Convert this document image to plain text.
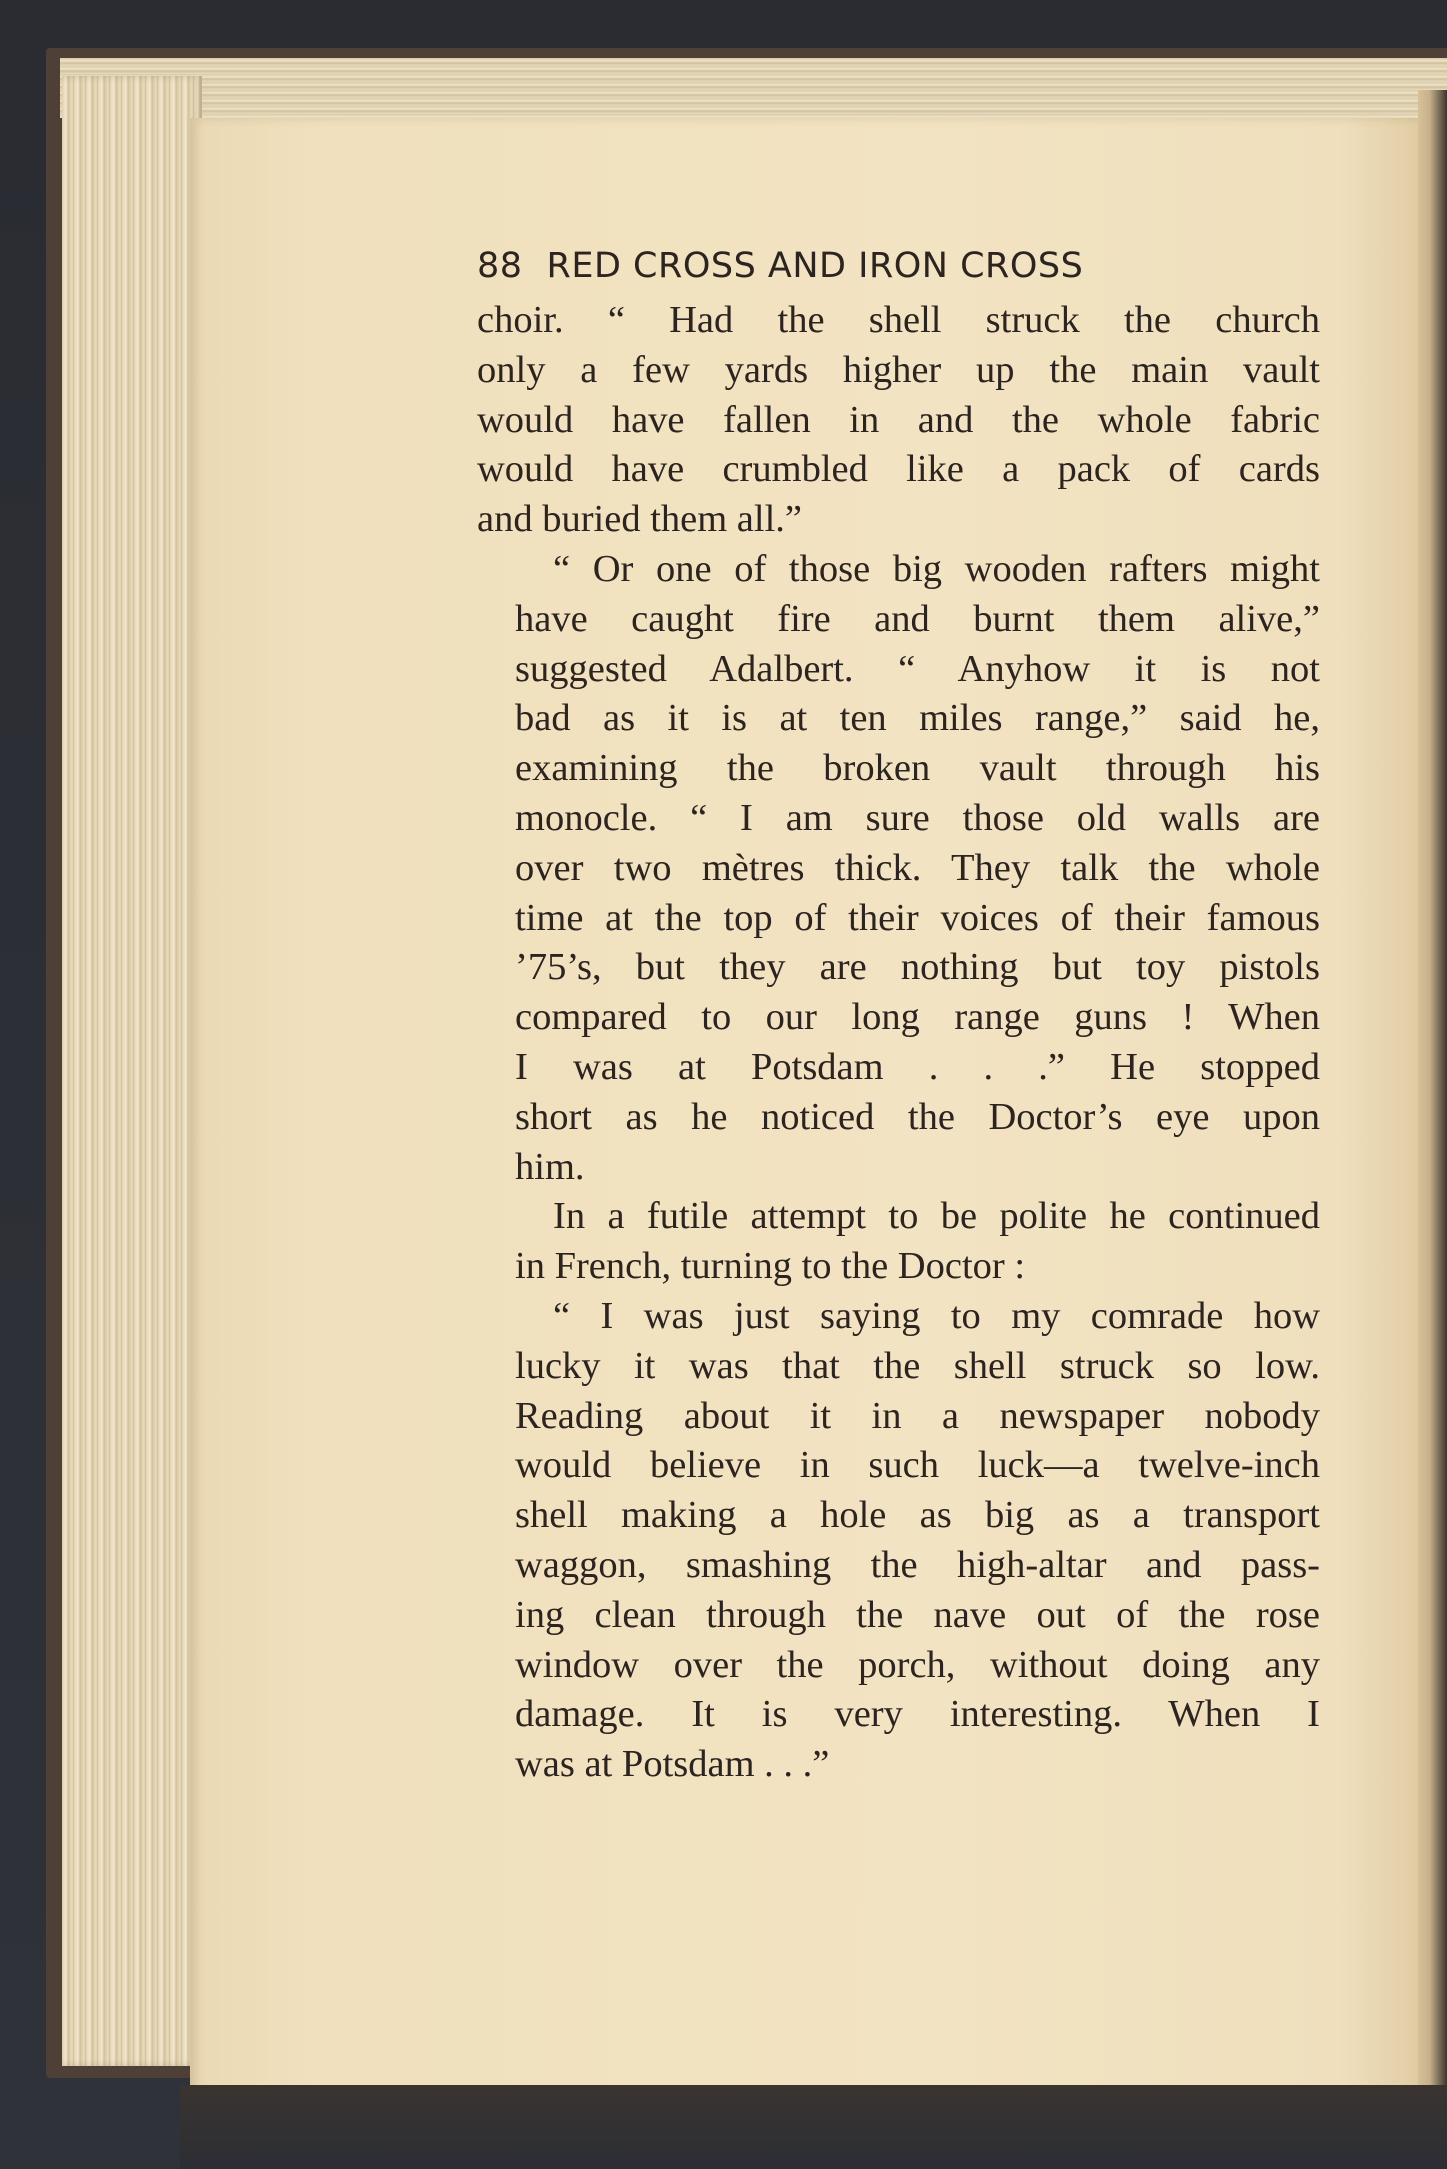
88 RED CROSS AND IRON CROSS

choir. “ Had the shell struck the church
only a few yards higher up the main vault
would have fallen in and the whole fabric
would have crumbled like a pack of cards
and buried them all.”

“ Or one of those big wooden rafters might
have caught fire and burnt them alive,”
suggested Adalbert. “ Anyhow it is not
bad as it is at ten miles range,” said he,
examining the broken vault through his
monocle. “ I am sure those old walls are
over two mètres thick. They talk the whole
time at the top of their voices of their famous
’75’s, but they are nothing but toy pistols
compared to our long range guns ! When
I was at Potsdam . . .” He stopped
short as he noticed the Doctor’s eye upon
him.

In a futile attempt to be polite he continued
in French, turning to the Doctor :

“ I was just saying to my comrade how
lucky it was that the shell struck so low.
Reading about it in a newspaper nobody
would believe in such luck—a twelve-inch
shell making a hole as big as a transport
waggon, smashing the high-altar and pass-
ing clean through the nave out of the rose
window over the porch, without doing any
damage. It is very interesting. When I
was at Potsdam . . .”
